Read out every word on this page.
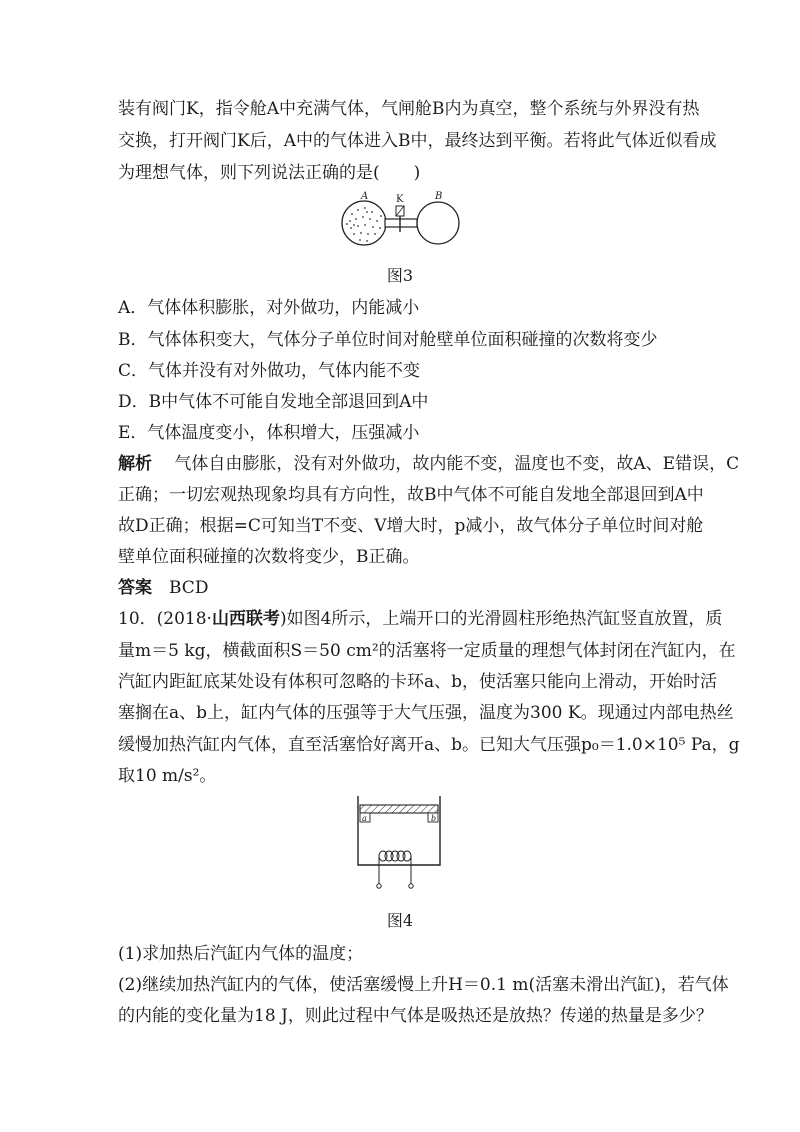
装有阀门K，指令舱A中充满气体，气闸舱B内为真空，整个系统与外界没有热
交换，打开阀门K后，A中的气体进入B中，最终达到平衡。若将此气体近似看成
为理想气体，则下列说法正确的是(　　)
A	K	B
图3
A．气体体积膨胀，对外做功，内能减小
B．气体体积变大，气体分子单位时间对舱壁单位面积碰撞的次数将变少
C．气体并没有对外做功，气体内能不变
D．B中气体不可能自发地全部退回到A中
E．气体温度变小，体积增大，压强减小
解析　 气体自由膨胀，没有对外做功，故内能不变，温度也不变，故A、E错误，C
正确；一切宏观热现象均具有方向性，故B中气体不可能自发地全部退回到A中
故D正确；根据=C可知当T不变、V增大时，p减小，故气体分子单位时间对舱
壁单位面积碰撞的次数将变少，B正确。
答案　 BCD
10．(2018·山西联考)如图4所示，上端开口的光滑圆柱形绝热汽缸竖直放置，质
量m＝5 kg，横截面积S＝50 cm²的活塞将一定质量的理想气体封闭在汽缸内，在
汽缸内距缸底某处设有体积可忽略的卡环a、b，使活塞只能向上滑动，开始时活
塞搁在a、b上，缸内气体的压强等于大气压强，温度为300 K。现通过内部电热丝
缓慢加热汽缸内气体，直至活塞恰好离开a、b。已知大气压强p₀＝1.0×10⁵ Pa，g
取10 m/s²。
a	b
图4
(1)求加热后汽缸内气体的温度；
(2)继续加热汽缸内的气体，使活塞缓慢上升H＝0.1 m(活塞未滑出汽缸)，若气体
的内能的变化量为18 J，则此过程中气体是吸热还是放热？传递的热量是多少？
